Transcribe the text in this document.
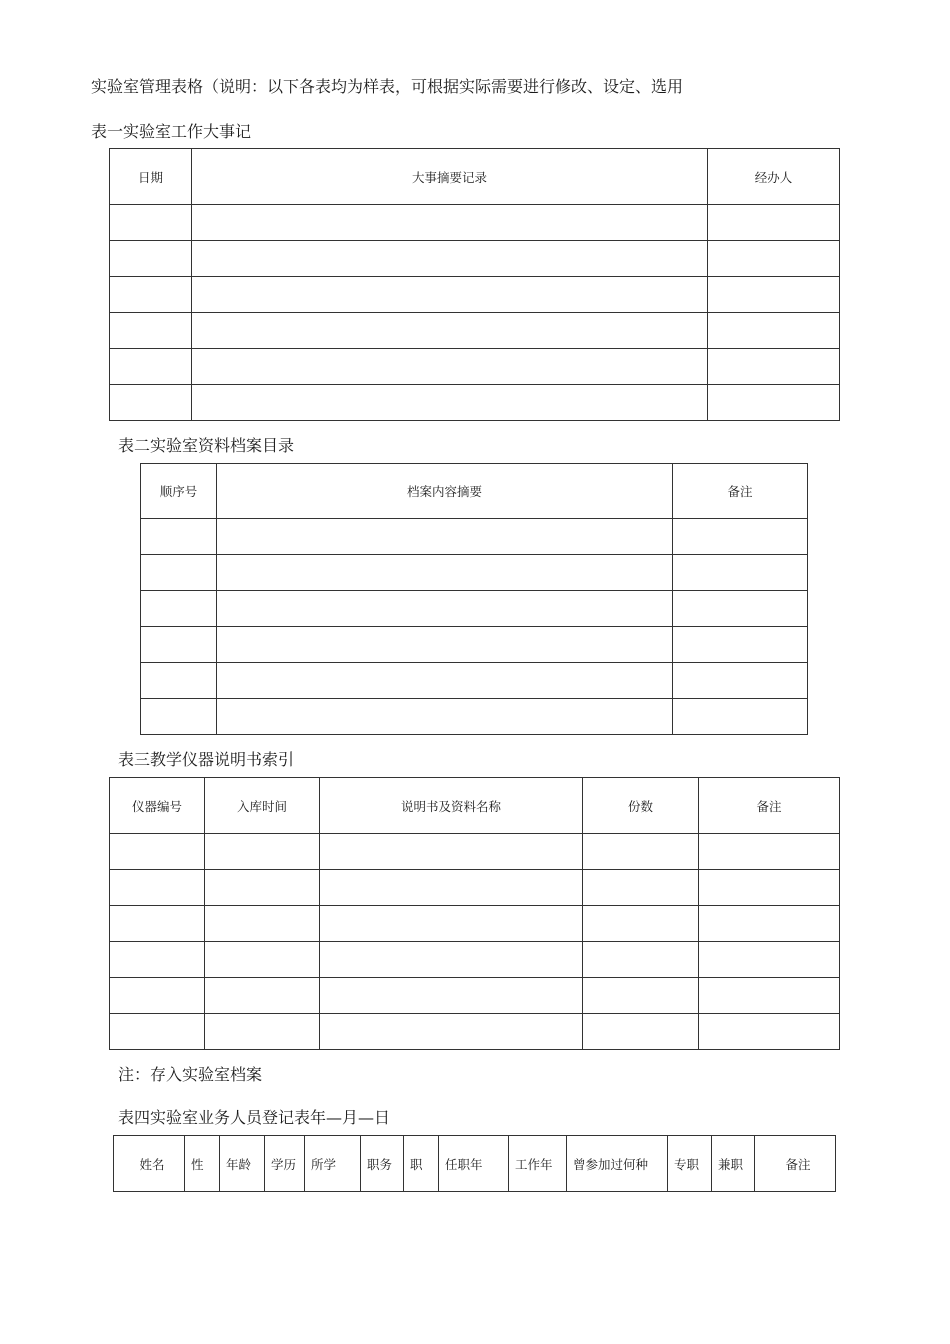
实验室管理表格（说明：以下各表均为样表，可根据实际需要进行修改、设定、选用
表一实验室工作大事记
日期	大事摘要记录	经办人

表二实验室资料档案目录
顺序号	档案内容摘要	备注

表三教学仪器说明书索引
仪器编号	入库时间	说明书及资料名称	份数	备注

注：存入实验室档案
表四实验室业务人员登记表年—月—日
姓名	性	年龄	学历	所学	职务	职	任职年	工作年	曾参加过何种	专职	兼职	备注
